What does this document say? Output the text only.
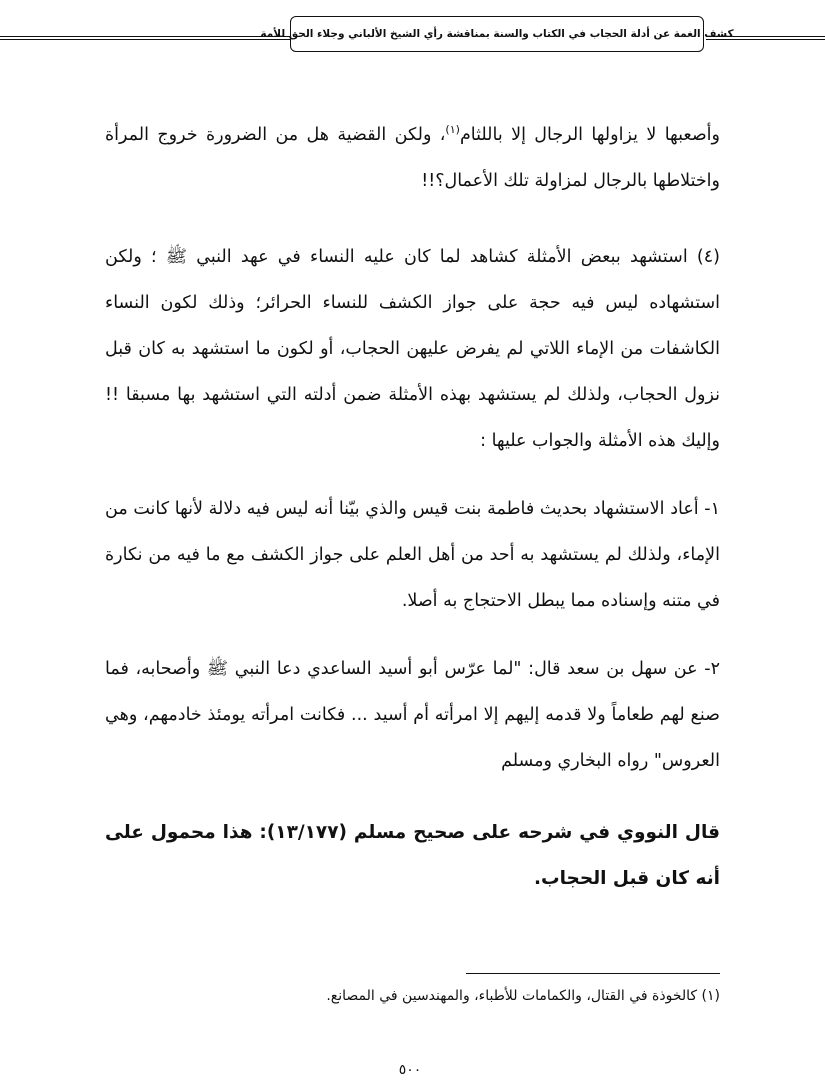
كشف الغمة عن أدلة الحجاب في الكتاب والسنة بمناقشة رأي الشيخ الألباني وجلاء الحق للأمة

وأصعبها لا يزاولها الرجال إلا باللثام$^{(١)}$، ولكن القضية هل من الضرورة خروج المرأة واختلاطها بالرجال لمزاولة تلك الأعمال؟!!

(٤) استشهد ببعض الأمثلة كشاهد لما كان عليه النساء في عهد النبي ﷺ ؛ ولكن استشهاده ليس فيه حجة على جواز الكشف للنساء الحرائر؛ وذلك لكون النساء الكاشفات من الإماء اللاتي لم يفرض عليهن الحجاب، أو لكون ما استشهد به كان قبل نزول الحجاب، ولذلك لم يستشهد بهذه الأمثلة ضمن أدلته التي استشهد بها مسبقا !! وإليك هذه الأمثلة والجواب عليها :

١- أعاد الاستشهاد بحديث فاطمة بنت قيس والذي بيّنا أنه ليس فيه دلالة لأنها كانت من الإماء، ولذلك لم يستشهد به أحد من أهل العلم على جواز الكشف مع ما فيه من نكارة في متنه وإسناده مما يبطل الاحتجاج به أصلا.

٢- عن سهل بن سعد قال: "لما عرّس أبو أسيد الساعدي دعا النبي ﷺ وأصحابه، فما صنع لهم طعاماً ولا قدمه إليهم إلا امرأته أم أسيد ... فكانت امرأته يومئذ خادمهم، وهي العروس" رواه البخاري ومسلم

قال النووي في شرحه على صحيح مسلم (١٣/١٧٧): هذا محمول على أنه كان قبل الحجاب.

(١) كالخوذة في القتال، والكمامات للأطباء، والمهندسين في المصانع.
٥٠٠
